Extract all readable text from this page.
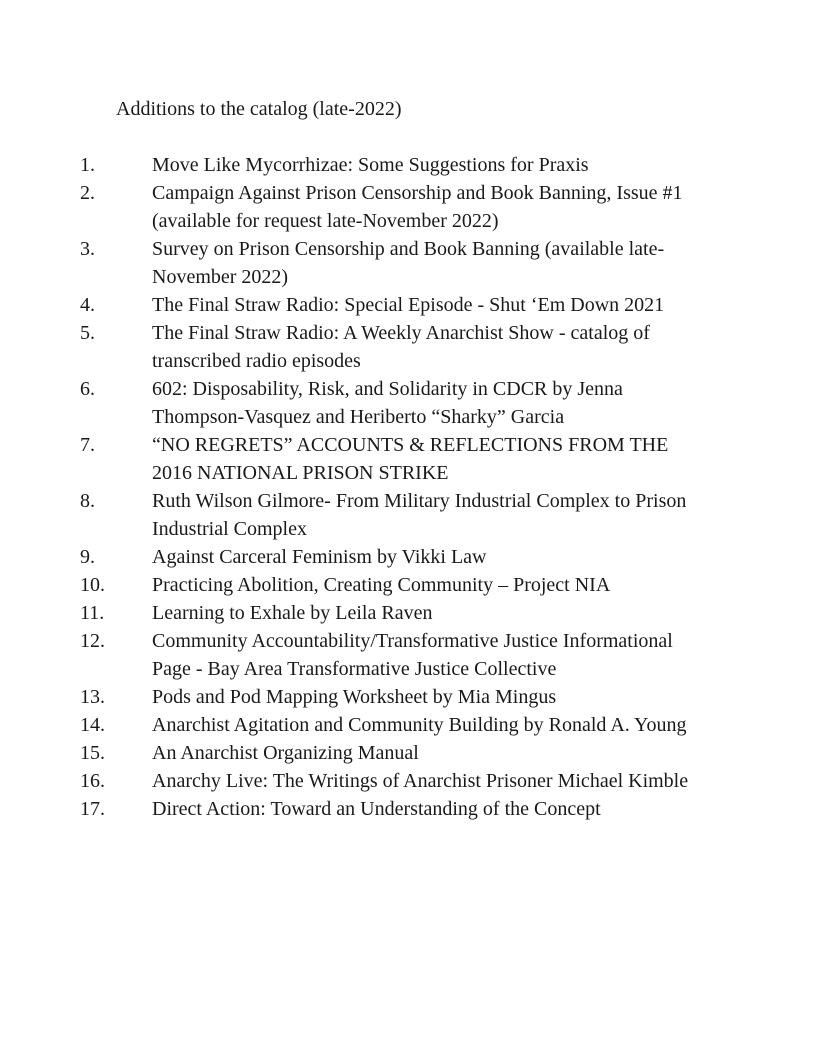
Additions to the catalog (late-2022)
1.	Move Like Mycorrhizae: Some Suggestions for Praxis
2.	Campaign Against Prison Censorship and Book Banning, Issue #1 (available for request late-November 2022)
3.	Survey on Prison Censorship and Book Banning (available late-November 2022)
4.	The Final Straw Radio: Special Episode - Shut ‘Em Down 2021
5.	The Final Straw Radio: A Weekly Anarchist Show - catalog of transcribed radio episodes
6.	602: Disposability, Risk, and Solidarity in CDCR by Jenna Thompson-Vasquez and Heriberto “Sharky” Garcia
7.	“NO REGRETS” ACCOUNTS & REFLECTIONS FROM THE 2016 NATIONAL PRISON STRIKE
8.	Ruth Wilson Gilmore- From Military Industrial Complex to Prison Industrial Complex
9.	Against Carceral Feminism by Vikki Law
10.	Practicing Abolition, Creating Community – Project NIA
11.	Learning to Exhale by Leila Raven
12.	Community Accountability/Transformative Justice Informational Page - Bay Area Transformative Justice Collective
13.	Pods and Pod Mapping Worksheet by Mia Mingus
14.	Anarchist Agitation and Community Building by Ronald A. Young
15.	An Anarchist Organizing Manual
16.	Anarchy Live: The Writings of Anarchist Prisoner Michael Kimble
17.	Direct Action: Toward an Understanding of the Concept
